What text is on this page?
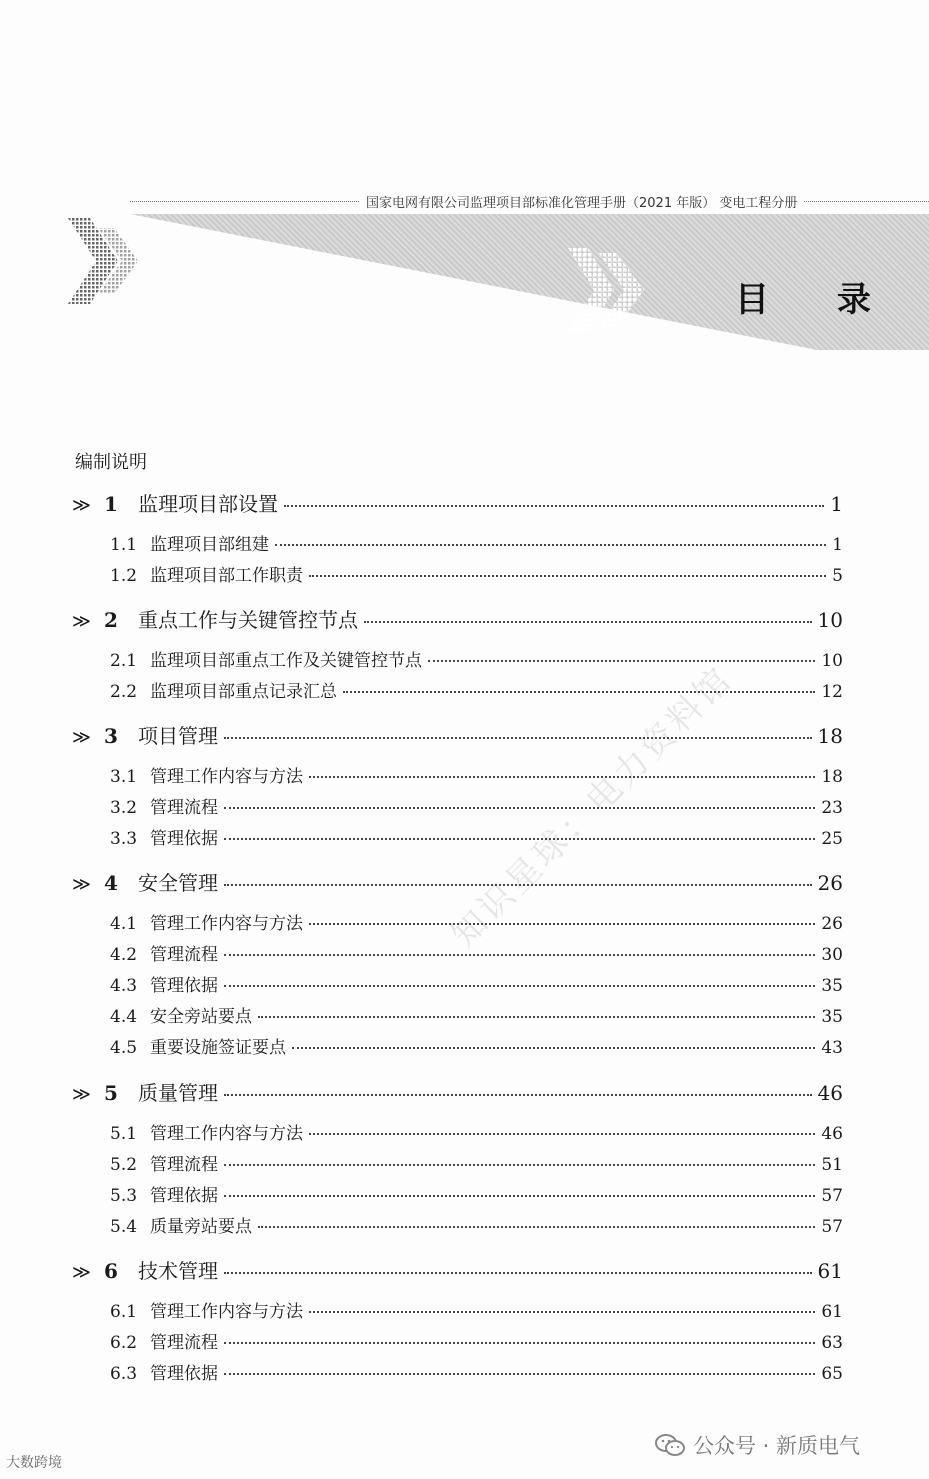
国家电网有限公司监理项目部标准化管理手册（2021 年版） 变电工程分册
目 录
知识星球：电力资料馆
编制说明
≫ 1	监理项目部设置	1
1.1 监理项目部组建	1
1.2 监理项目部工作职责	5
≫ 2	重点工作与关键管控节点	10
2.1 监理项目部重点工作及关键管控节点	10
2.2 监理项目部重点记录汇总	12
≫ 3	项目管理	18
3.1 管理工作内容与方法	18
3.2 管理流程	23
3.3 管理依据	25
≫ 4	安全管理	26
4.1 管理工作内容与方法	26
4.2 管理流程	30
4.3 管理依据	35
4.4 安全旁站要点	35
4.5 重要设施签证要点	43
≫ 5	质量管理	46
5.1 管理工作内容与方法	46
5.2 管理流程	51
5.3 管理依据	57
5.4 质量旁站要点	57
≫ 6	技术管理	61
6.1 管理工作内容与方法	61
6.2 管理流程	63
6.3 管理依据	65
大数跨境
公众号 · 新质电气
